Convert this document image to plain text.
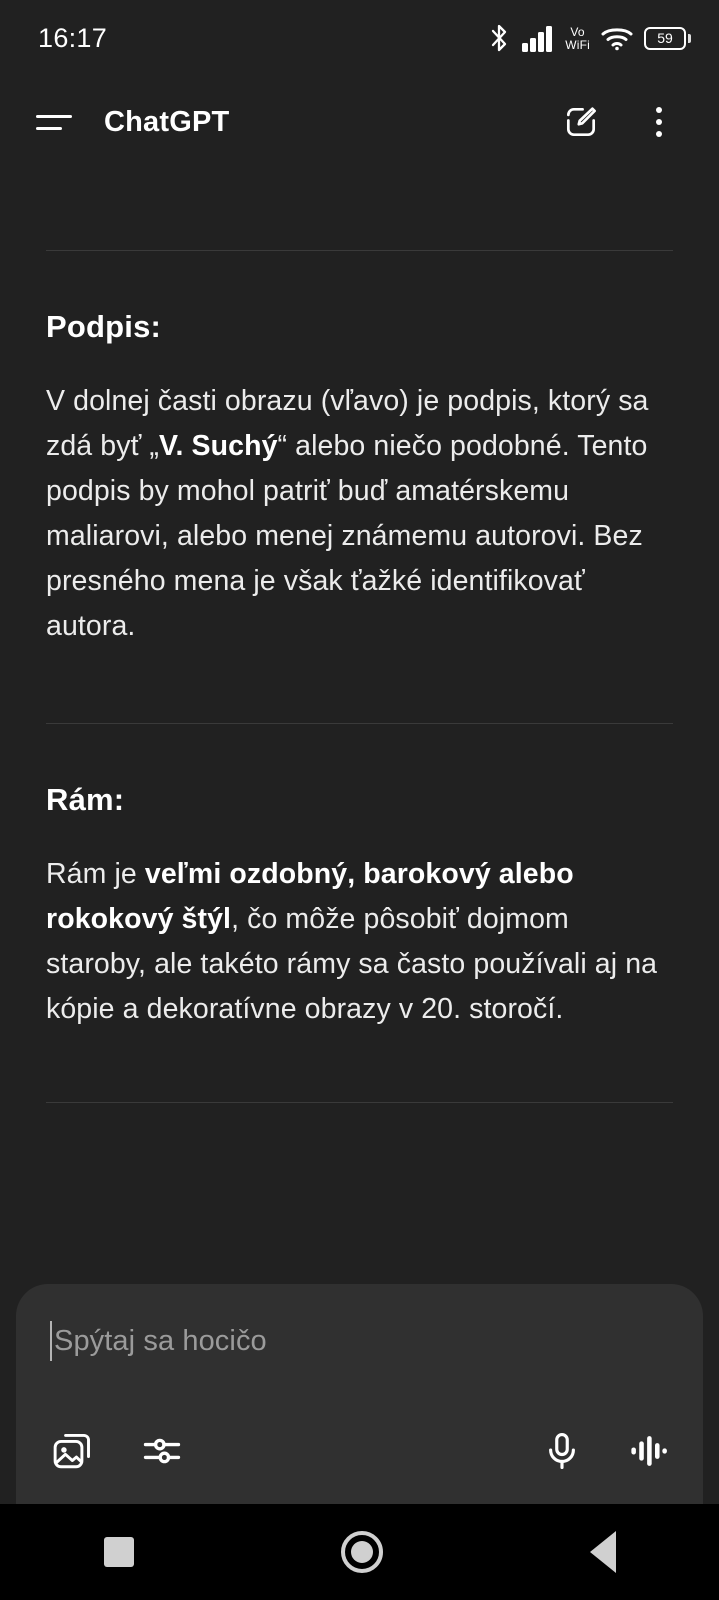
16:17	Vo
WiFi	59
ChatGPT
Podpis:

V dolnej časti obrazu (vľavo) je podpis, ktorý sa zdá byť „V. Suchý“ alebo niečo podobné. Tento podpis by mohol patriť buď amatérskemu maliarovi, alebo menej známemu autorovi. Bez presného mena je však ťažké identifikovať autora.

Rám:

Rám je veľmi ozdobný, barokový alebo rokokový štýl, čo môže pôsobiť dojmom staroby, ale takéto rámy sa často používali aj na kópie a dekoratívne obrazy v 20. storočí.

Spýtaj sa hocičo
